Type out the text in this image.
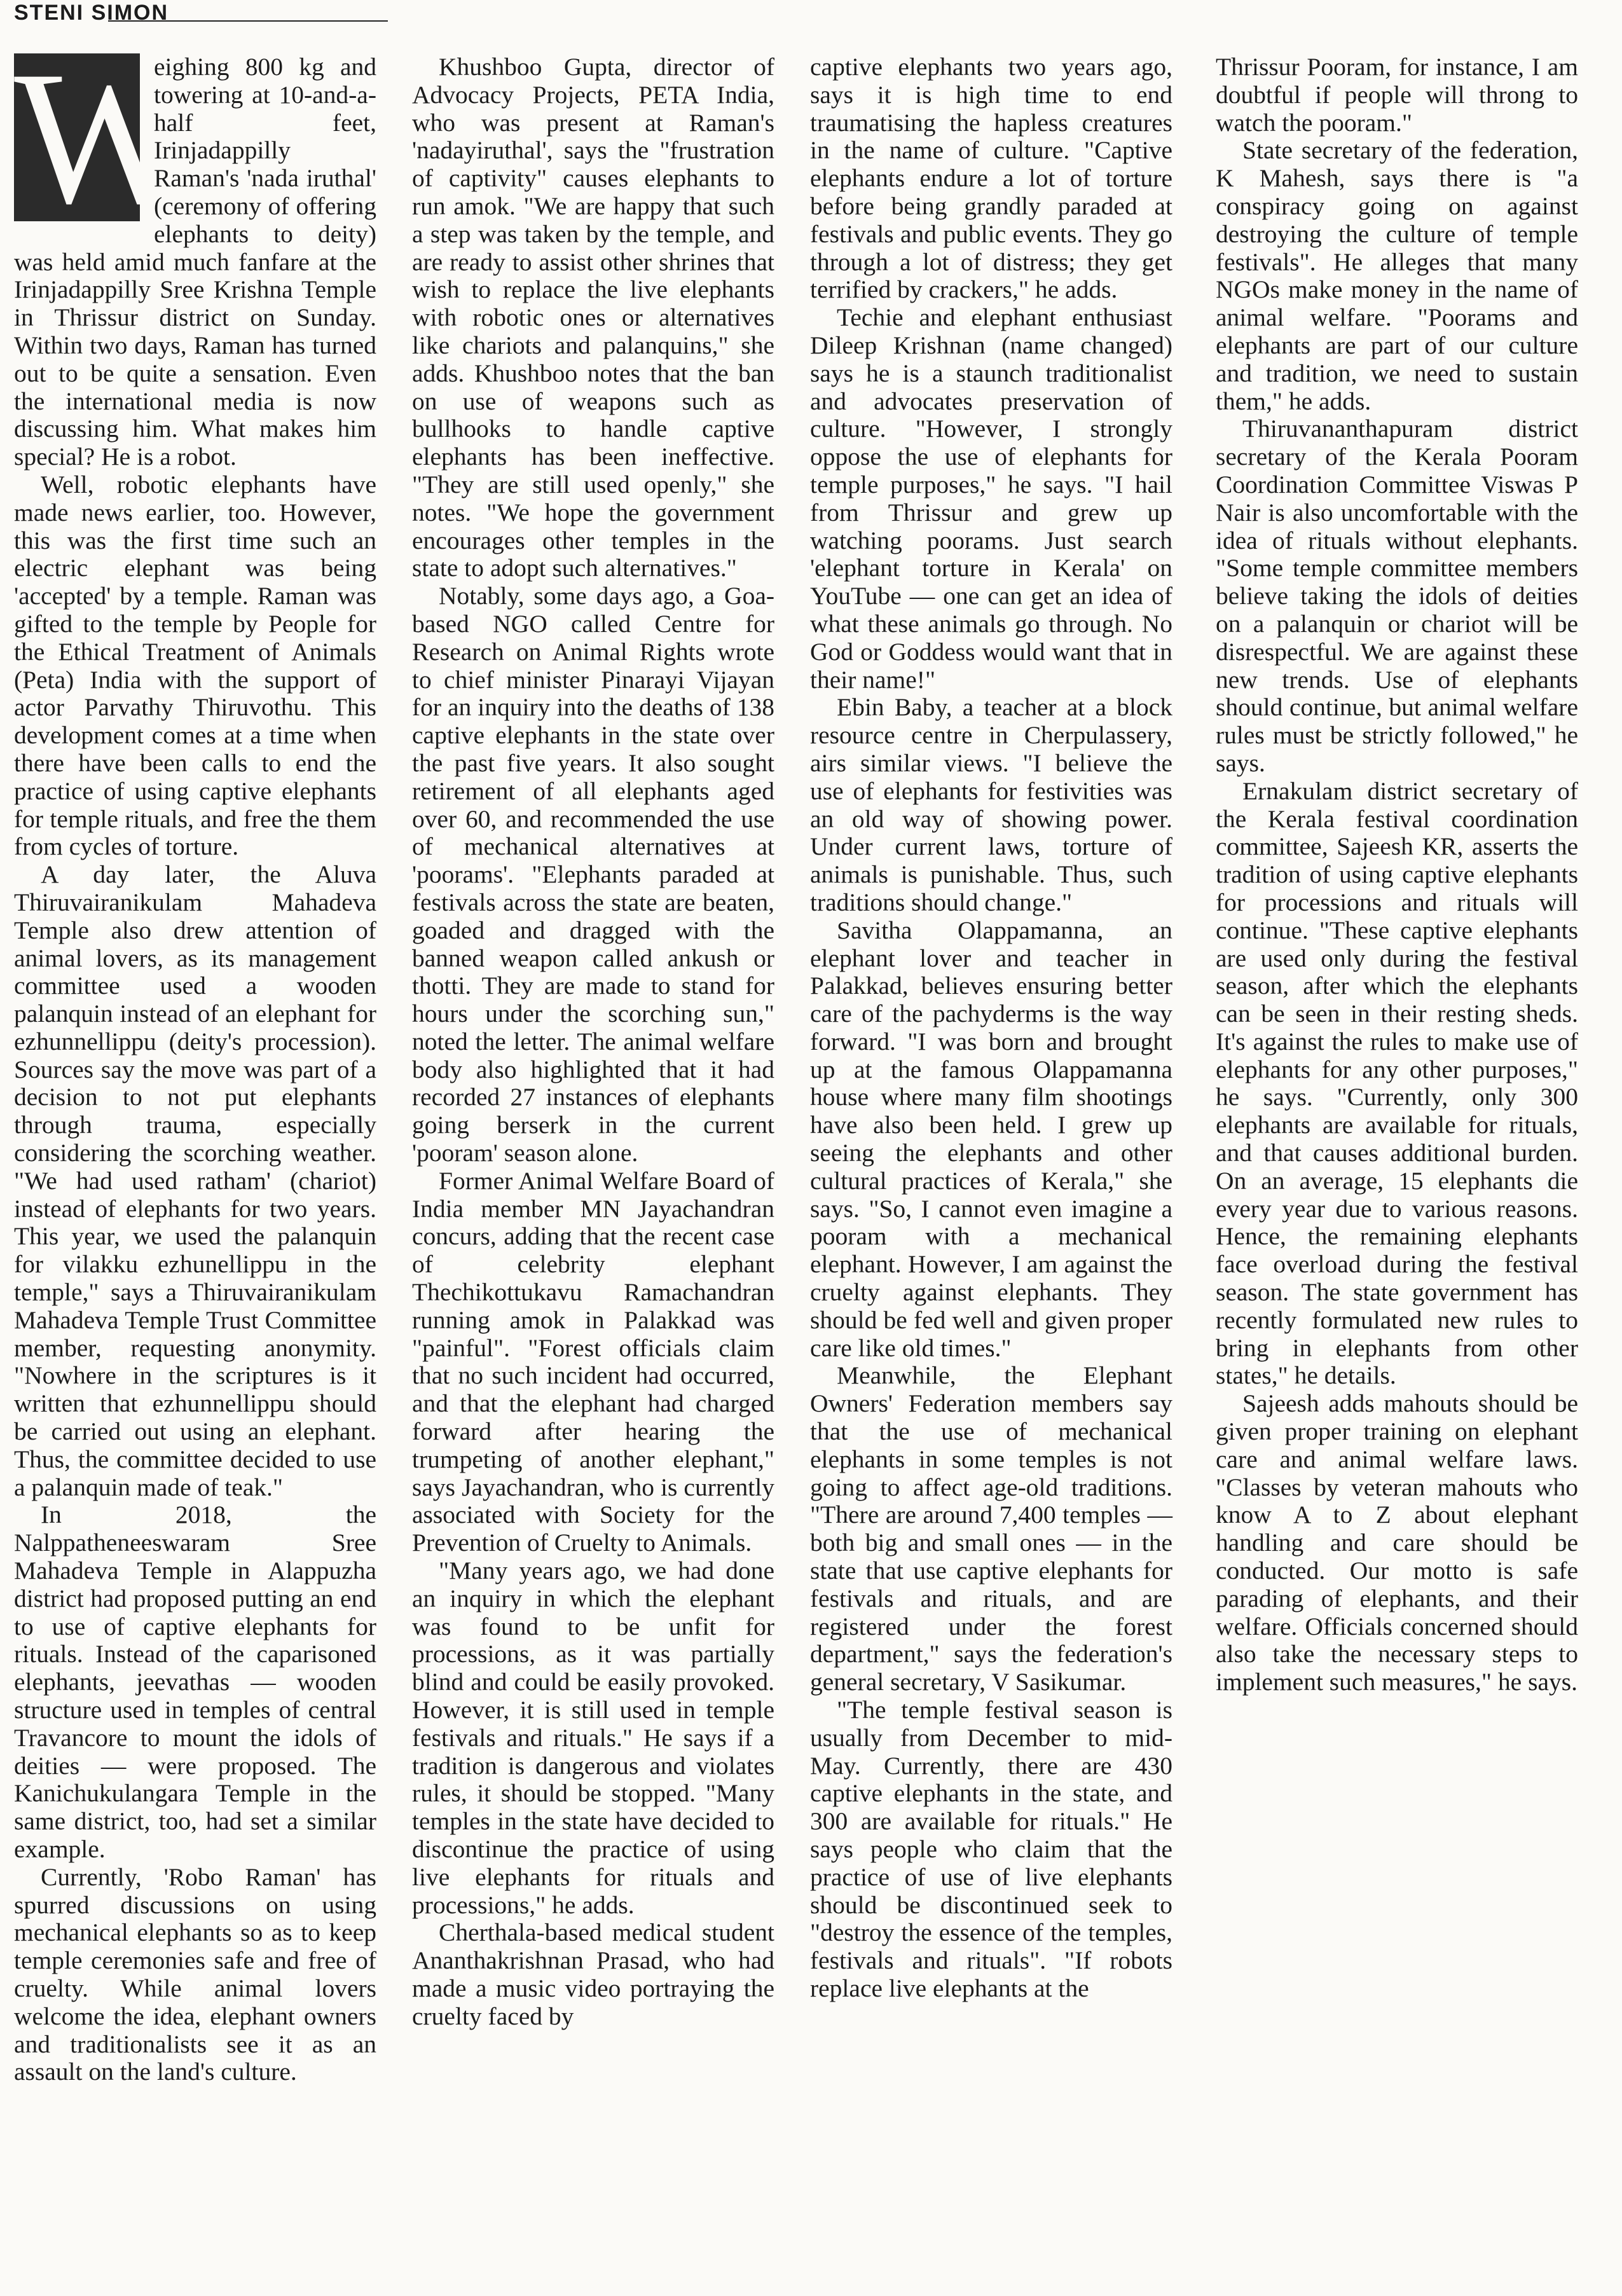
STENI SIMON
W

eighing 800 kg and towering at 10-and-a-half feet, Irinjadappilly Raman's 'nada iruthal' (ceremony of offering elephants to deity) was held amid much fanfare at the Irinjadappilly Sree Krishna Temple in Thrissur district on Sunday. Within two days, Raman has turned out to be quite a sensation. Even the international media is now discussing him. What makes him special? He is a robot.

Well, robotic elephants have made news earlier, too. However, this was the first time such an electric elephant was being 'accepted' by a temple. Raman was gifted to the temple by People for the Ethical Treatment of Animals (Peta) India with the support of actor Parvathy Thiruvothu. This development comes at a time when there have been calls to end the practice of using captive elephants for temple rituals, and free the them from cycles of torture.

A day later, the Aluva Thiruvairanikulam Mahadeva Temple also drew attention of animal lovers, as its management committee used a wooden palanquin instead of an elephant for ezhunnellippu (deity's procession). Sources say the move was part of a decision to not put elephants through trauma, especially considering the scorching weather. "We had used ratham' (chariot) instead of elephants for two years. This year, we used the palanquin for vilakku ezhunellippu in the temple," says a Thiruvairanikulam Mahadeva Temple Trust Committee member, requesting anonymity. "Nowhere in the scriptures is it written that ezhunnellippu should be carried out using an elephant. Thus, the committee decided to use a palanquin made of teak."

In 2018, the Nalppatheneeswaram Sree Mahadeva Temple in Alappuzha district had proposed putting an end to use of captive elephants for rituals. Instead of the caparisoned elephants, jeevathas — wooden structure used in temples of central Travancore to mount the idols of deities — were proposed. The Kanichukulangara Temple in the same district, too, had set a similar example.

Currently, 'Robo Raman' has spurred discussions on using mechanical elephants so as to keep temple ceremonies safe and free of cruelty. While animal lovers welcome the idea, elephant owners and traditionalists see it as an assault on the land's culture.

Khushboo Gupta, director of Advocacy Projects, PETA India, who was present at Raman's 'nadayiruthal', says the "frustration of captivity" causes elephants to run amok. "We are happy that such a step was taken by the temple, and are ready to assist other shrines that wish to replace the live elephants with robotic ones or alternatives like chariots and palanquins," she adds. Khushboo notes that the ban on use of weapons such as bullhooks to handle captive elephants has been ineffective. "They are still used openly," she notes. "We hope the government encourages other temples in the state to adopt such alternatives."

Notably, some days ago, a Goa-based NGO called Centre for Research on Animal Rights wrote to chief minister Pinarayi Vijayan for an inquiry into the deaths of 138 captive elephants in the state over the past five years. It also sought retirement of all elephants aged over 60, and recommended the use of mechanical alternatives at 'poorams'. "Elephants paraded at festivals across the state are beaten, goaded and dragged with the banned weapon called ankush or thotti. They are made to stand for hours under the scorching sun," noted the letter. The animal welfare body also highlighted that it had recorded 27 instances of elephants going berserk in the current 'pooram' season alone.

Former Animal Welfare Board of India member MN Jayachandran concurs, adding that the recent case of celebrity elephant Thechikottukavu Ramachandran running amok in Palakkad was "painful". "Forest officials claim that no such incident had occurred, and that the elephant had charged forward after hearing the trumpeting of another elephant," says Jayachandran, who is currently associated with Society for the Prevention of Cruelty to Animals.

"Many years ago, we had done an inquiry in which the elephant was found to be unfit for processions, as it was partially blind and could be easily provoked. However, it is still used in temple festivals and rituals." He says if a tradition is dangerous and violates rules, it should be stopped. "Many temples in the state have decided to discontinue the practice of using live elephants for rituals and processions," he adds.

Cherthala-based medical student Ananthakrishnan Prasad, who had made a music video portraying the cruelty faced by

captive elephants two years ago, says it is high time to end traumatising the hapless creatures in the name of culture. "Captive elephants endure a lot of torture before being grandly paraded at festivals and public events. They go through a lot of distress; they get terrified by crackers," he adds.

Techie and elephant enthusiast Dileep Krishnan (name changed) says he is a staunch traditionalist and advocates preservation of culture. "However, I strongly oppose the use of elephants for temple purposes," he says. "I hail from Thrissur and grew up watching poorams. Just search 'elephant torture in Kerala' on YouTube — one can get an idea of what these animals go through. No God or Goddess would want that in their name!"

Ebin Baby, a teacher at a block resource centre in Cherpulassery, airs similar views. "I believe the use of elephants for festivities was an old way of showing power. Under current laws, torture of animals is punishable. Thus, such traditions should change."

Savitha Olappamanna, an elephant lover and teacher in Palakkad, believes ensuring better care of the pachyderms is the way forward. "I was born and brought up at the famous Olappamanna house where many film shootings have also been held. I grew up seeing the elephants and other cultural practices of Kerala," she says. "So, I cannot even imagine a pooram with a mechanical elephant. However, I am against the cruelty against elephants. They should be fed well and given proper care like old times."

Meanwhile, the Elephant Owners' Federation members say that the use of mechanical elephants in some temples is not going to affect age-old traditions. "There are around 7,400 temples — both big and small ones — in the state that use captive elephants for festivals and rituals, and are registered under the forest department," says the federation's general secretary, V Sasikumar.

"The temple festival season is usually from December to mid-May. Currently, there are 430 captive elephants in the state, and 300 are available for rituals." He says people who claim that the practice of use of live elephants should be discontinued seek to "destroy the essence of the temples, festivals and rituals". "If robots replace live elephants at the

Thrissur Pooram, for instance, I am doubtful if people will throng to watch the pooram."

State secretary of the federation, K Mahesh, says there is "a conspiracy going on against destroying the culture of temple festivals". He alleges that many NGOs make money in the name of animal welfare. "Poorams and elephants are part of our culture and tradition, we need to sustain them," he adds.

Thiruvananthapuram district secretary of the Kerala Pooram Coordination Committee Viswas P Nair is also uncomfortable with the idea of rituals without elephants. "Some temple committee members believe taking the idols of deities on a palanquin or chariot will be disrespectful. We are against these new trends. Use of elephants should continue, but animal welfare rules must be strictly followed," he says.

Ernakulam district secretary of the Kerala festival coordination committee, Sajeesh KR, asserts the tradition of using captive elephants for processions and rituals will continue. "These captive elephants are used only during the festival season, after which the elephants can be seen in their resting sheds. It's against the rules to make use of elephants for any other purposes," he says. "Currently, only 300 elephants are available for rituals, and that causes additional burden. On an average, 15 elephants die every year due to various reasons. Hence, the remaining elephants face overload during the festival season. The state government has recently formulated new rules to bring in elephants from other states," he details.

Sajeesh adds mahouts should be given proper training on elephant care and animal welfare laws. "Classes by veteran mahouts who know A to Z about elephant handling and care should be conducted. Our motto is safe parading of elephants, and their welfare. Officials concerned should also take the necessary steps to implement such measures," he says.
